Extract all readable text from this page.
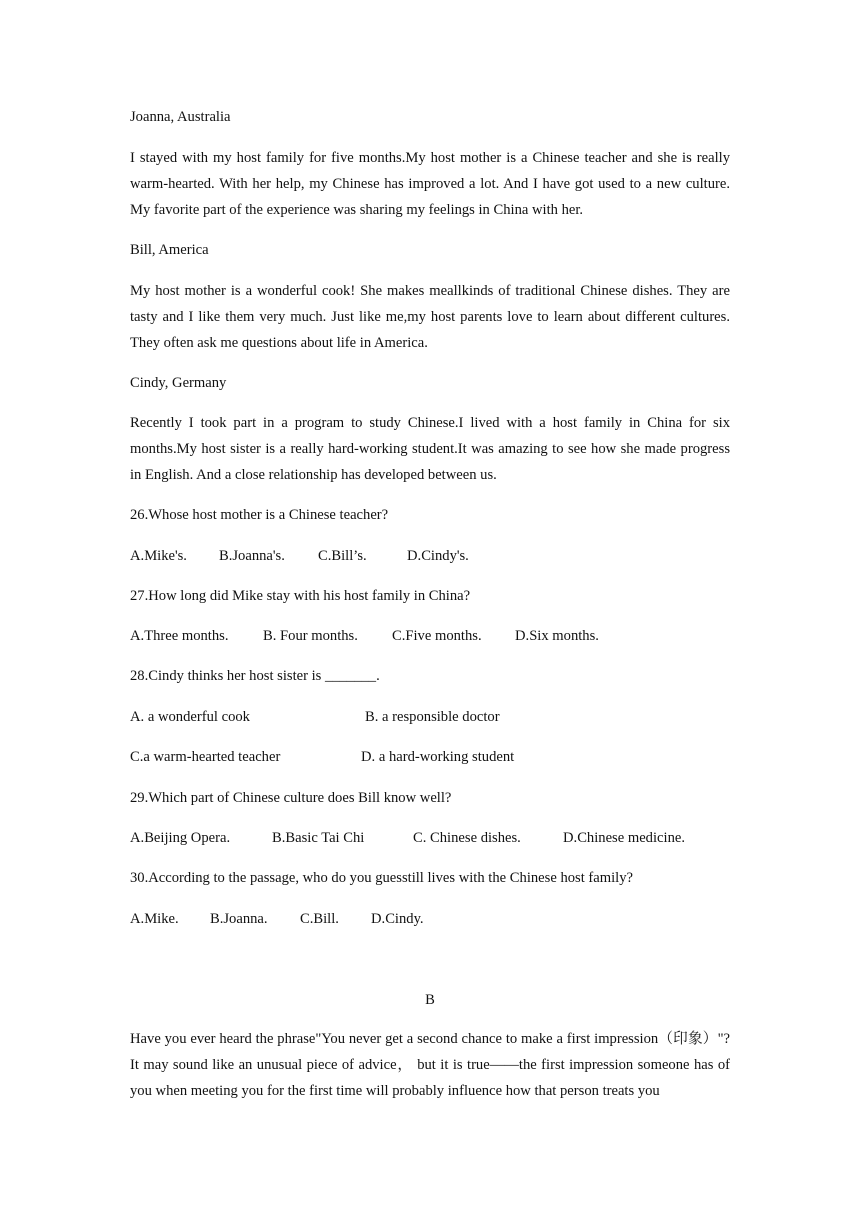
Joanna, Australia

I stayed with my host family for five months.My host mother is a Chinese teacher and she is really warm-hearted. With her help, my Chinese has improved a lot. And I have got used to a new culture. My favorite part of the experience was sharing my feelings in China with her.

Bill, America

My host mother is a wonderful cook! She makes meallkinds of traditional Chinese dishes. They are tasty and I like them very much. Just like me,my host parents love to learn about different cultures. They often ask me questions about life in America.

Cindy, Germany

Recently I took part in a program to study Chinese.I lived with a host family in China for six months.My host sister is a really hard-working student.It was amazing to see how she made progress in English. And a close relationship has developed between us.

26.Whose host mother is a Chinese teacher?
A.Mike's. B.Joanna's. C.Bill’s.	D.Cindy's.
27.How long did Mike stay with his host family in China?
A.Three months. B. Four months. C.Five months. D.Six months.
28.Cindy thinks her host sister is _______.
A. a wonderful cook	B. a responsible doctor
C.a warm-hearted teacher	D. a hard-working student
29.Which part of Chinese culture does Bill know well?
A.Beijing Opera.	B.Basic Tai Chi	C. Chinese dishes.	D.Chinese medicine.
30.According to the passage, who do you guesstill lives with the Chinese host family?
A.Mike. B.Joanna. C.Bill. D.Cindy.
B

Have you ever heard the phrase"You never get a second chance to make a first impression（印象）"?It may sound like an unusual piece of advice， but it is true——the first impression someone has of you when meeting you for the first time will probably influence how that person treats you
